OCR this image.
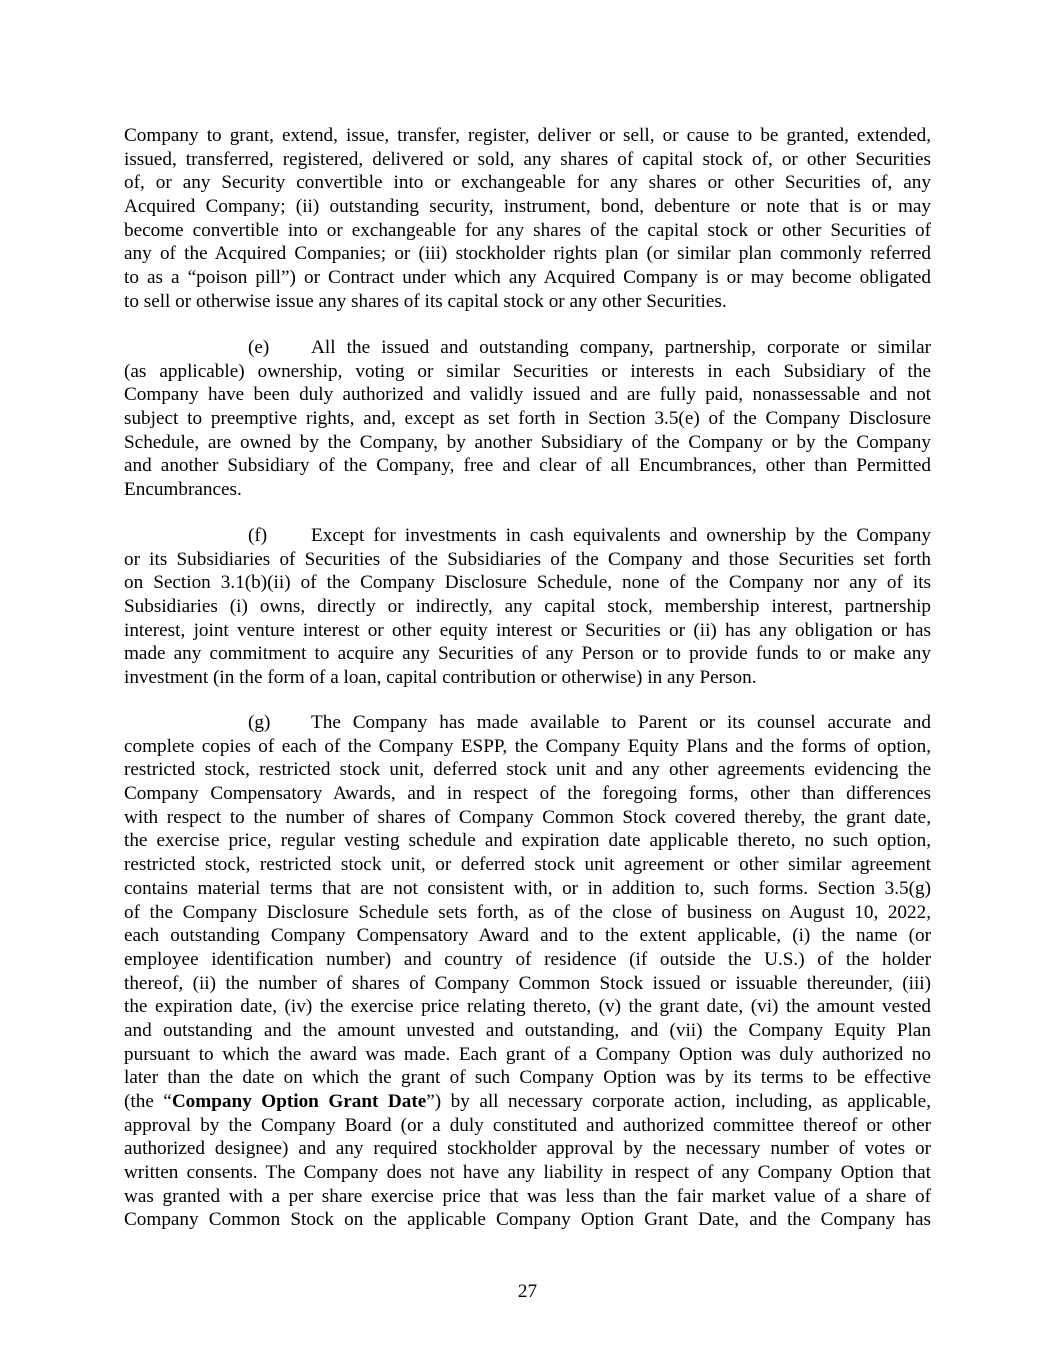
Company to grant, extend, issue, transfer, register, deliver or sell, or cause to be granted, extended,
issued, transferred, registered, delivered or sold, any shares of capital stock of, or other Securities
of, or any Security convertible into or exchangeable for any shares or other Securities of, any
Acquired Company; (ii) outstanding security, instrument, bond, debenture or note that is or may
become convertible into or exchangeable for any shares of the capital stock or other Securities of
any of the Acquired Companies; or (iii) stockholder rights plan (or similar plan commonly referred
to as a “poison pill”) or Contract under which any Acquired Company is or may become obligated
to sell or otherwise issue any shares of its capital stock or any other Securities.
(e) All the issued and outstanding company, partnership, corporate or similar
(as applicable) ownership, voting or similar Securities or interests in each Subsidiary of the
Company have been duly authorized and validly issued and are fully paid, nonassessable and not
subject to preemptive rights, and, except as set forth in Section 3.5(e) of the Company Disclosure
Schedule, are owned by the Company, by another Subsidiary of the Company or by the Company
and another Subsidiary of the Company, free and clear of all Encumbrances, other than Permitted
Encumbrances.
(f) Except for investments in cash equivalents and ownership by the Company
or its Subsidiaries of Securities of the Subsidiaries of the Company and those Securities set forth
on Section 3.1(b)(ii) of the Company Disclosure Schedule, none of the Company nor any of its
Subsidiaries (i) owns, directly or indirectly, any capital stock, membership interest, partnership
interest, joint venture interest or other equity interest or Securities or (ii) has any obligation or has
made any commitment to acquire any Securities of any Person or to provide funds to or make any
investment (in the form of a loan, capital contribution or otherwise) in any Person.
(g) The Company has made available to Parent or its counsel accurate and
complete copies of each of the Company ESPP, the Company Equity Plans and the forms of option,
restricted stock, restricted stock unit, deferred stock unit and any other agreements evidencing the
Company Compensatory Awards, and in respect of the foregoing forms, other than differences
with respect to the number of shares of Company Common Stock covered thereby, the grant date,
the exercise price, regular vesting schedule and expiration date applicable thereto, no such option,
restricted stock, restricted stock unit, or deferred stock unit agreement or other similar agreement
contains material terms that are not consistent with, or in addition to, such forms. Section 3.5(g)
of the Company Disclosure Schedule sets forth, as of the close of business on August 10, 2022,
each outstanding Company Compensatory Award and to the extent applicable, (i) the name (or
employee identification number) and country of residence (if outside the U.S.) of the holder
thereof, (ii) the number of shares of Company Common Stock issued or issuable thereunder, (iii)
the expiration date, (iv) the exercise price relating thereto, (v) the grant date, (vi) the amount vested
and outstanding and the amount unvested and outstanding, and (vii) the Company Equity Plan
pursuant to which the award was made. Each grant of a Company Option was duly authorized no
later than the date on which the grant of such Company Option was by its terms to be effective
(the “Company Option Grant Date”) by all necessary corporate action, including, as applicable,
approval by the Company Board (or a duly constituted and authorized committee thereof or other
authorized designee) and any required stockholder approval by the necessary number of votes or
written consents. The Company does not have any liability in respect of any Company Option that
was granted with a per share exercise price that was less than the fair market value of a share of
Company Common Stock on the applicable Company Option Grant Date, and the Company has
27
